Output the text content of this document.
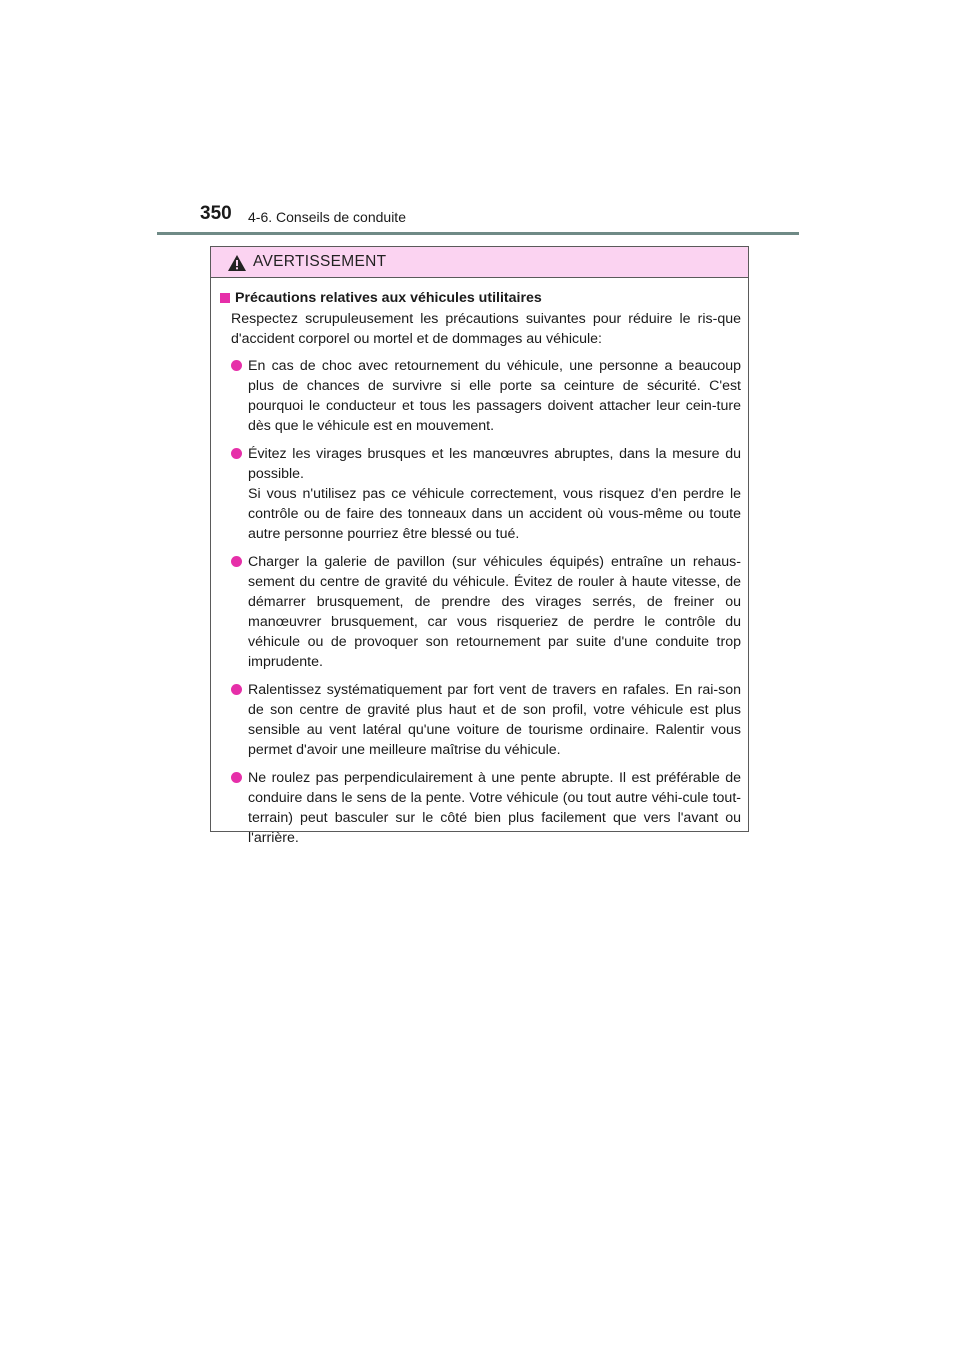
350 4-6. Conseils de conduite
AVERTISSEMENT
Précautions relatives aux véhicules utilitaires
Respectez scrupuleusement les précautions suivantes pour réduire le ris-que d'accident corporel ou mortel et de dommages au véhicule:
En cas de choc avec retournement du véhicule, une personne a beaucoup plus de chances de survivre si elle porte sa ceinture de sécurité. C'est pourquoi le conducteur et tous les passagers doivent attacher leur cein-ture dès que le véhicule est en mouvement.
Évitez les virages brusques et les manœuvres abruptes, dans la mesure du possible.
Si vous n'utilisez pas ce véhicule correctement, vous risquez d'en perdre le contrôle ou de faire des tonneaux dans un accident où vous-même ou toute autre personne pourriez être blessé ou tué.
Charger la galerie de pavillon (sur véhicules équipés) entraîne un rehaus-sement du centre de gravité du véhicule. Évitez de rouler à haute vitesse, de démarrer brusquement, de prendre des virages serrés, de freiner ou manœuvrer brusquement, car vous risqueriez de perdre le contrôle du véhicule ou de provoquer son retournement par suite d'une conduite trop imprudente.
Ralentissez systématiquement par fort vent de travers en rafales. En rai-son de son centre de gravité plus haut et de son profil, votre véhicule est plus sensible au vent latéral qu'une voiture de tourisme ordinaire. Ralentir vous permet d'avoir une meilleure maîtrise du véhicule.
Ne roulez pas perpendiculairement à une pente abrupte. Il est préférable de conduire dans le sens de la pente. Votre véhicule (ou tout autre véhi-cule tout-terrain) peut basculer sur le côté bien plus facilement que vers l'avant ou l'arrière.
